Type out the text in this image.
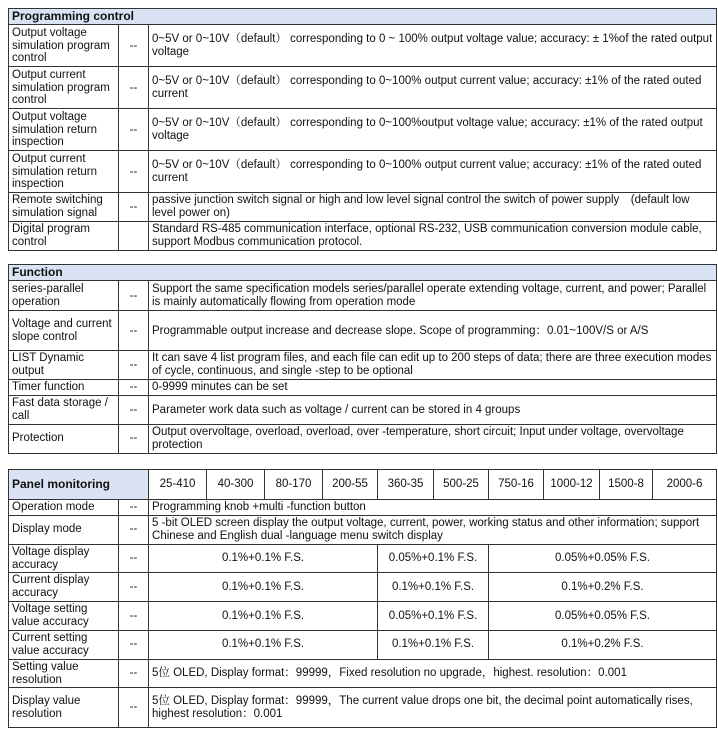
Programming control		
Output voltage simulation program control	--	0~5V or 0~10V（default） corresponding to 0 ~ 100% output voltage value; accuracy: ± 1%of the rated output voltage
Output current simulation program control	--	0~5V or 0~10V（default） corresponding to 0~100% output current value; accuracy: ±1% of the rated outed current
Output voltage simulation return inspection	--	0~5V or 0~10V（default） corresponding to 0~100%output voltage value; accuracy: ±1% of the rated output voltage
Output current simulation return inspection	--	0~5V or 0~10V（default） corresponding to 0~100% output current value; accuracy: ±1% of the rated outed current
Remote switching simulation signal	--	passive junction switch signal or high and low level signal control the switch of power supply　(default low level power on)
Digital program control		Standard RS-485 communication interface, optional RS-232, USB communication conversion module cable, support Modbus communication protocol.
Function		
series-parallel operation	--	Support the same specification models series/parallel operate extending voltage, current, and power; Parallel is mainly automatically flowing from operation mode
Voltage and current slope control	--	Programmable output increase and decrease slope. Scope of programming：0.01~100V/S or A/S
LIST Dynamic output	--	It can save 4 list program files, and each file can edit up to 200 steps of data; there are three execution modes of cycle, continuous, and single -step to be optional
Timer function	--	0-9999 minutes can be set
Fast data storage / call	--	Parameter work data such as voltage / current can be stored in 4 groups
Protection	--	Output overvoltage, overload, overload, over -temperature, short circuit; Input under voltage, overvoltage protection
Panel monitoring		25-410	40-300	80-170	200-55	360-35	500-25	750-16	1000-12	1500-8	2000-6
Operation mode	--	Programming knob +multi -function button									
Display mode	--	5 -bit OLED screen display the output voltage, current, power, working status and other information; support Chinese and English dual -language menu switch display									
Voltage display accuracy	--	0.1%+0.1% F.S.				0.05%+0.1% F.S.		0.05%+0.05% F.S.			
Current display accuracy	--	0.1%+0.1% F.S.				0.1%+0.1% F.S.		0.1%+0.2% F.S.			
Voltage setting value accuracy	--	0.1%+0.1% F.S.				0.05%+0.1% F.S.		0.05%+0.05% F.S.			
Current setting value accuracy	--	0.1%+0.1% F.S.				0.1%+0.1% F.S.		0.1%+0.2% F.S.			
Setting value resolution	--	5位 OLED, Display format：99999，Fixed resolution no upgrade，highest. resolution：0.001									
Display value resolution	--	5位 OLED, Display format：99999，The current value drops one bit, the decimal point automatically rises, highest resolution：0.001									
